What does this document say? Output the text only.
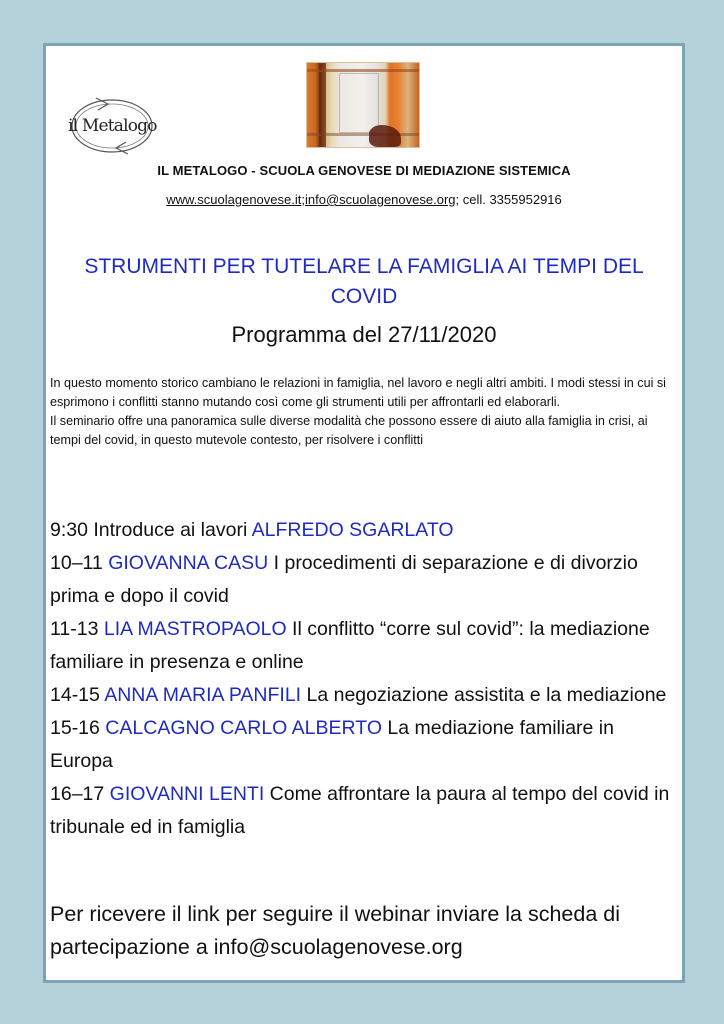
il Metalogo
IL METALOGO - SCUOLA GENOVESE DI MEDIAZIONE SISTEMICA
www.scuolagenovese.it;info@scuolagenovese.org; cell. 3355952916
STRUMENTI PER TUTELARE LA FAMIGLIA AI TEMPI DEL COVID
Programma del 27/11/2020

In questo momento storico cambiano le relazioni in famiglia, nel lavoro e negli altri ambiti. I modi stessi in cui si esprimono i conflitti stanno mutando così come gli strumenti utili per affrontarli ed elaborarli.

Il seminario offre una panoramica sulle diverse modalità che possono essere di aiuto alla famiglia in crisi, ai tempi del covid, in questo mutevole contesto, per risolvere i conflitti

9:30 Introduce ai lavori ALFREDO SGARLATO

10–11 GIOVANNA CASU I procedimenti di separazione e di divorzio prima e dopo il covid

11-13 LIA MASTROPAOLO Il conflitto “corre sul covid”: la mediazione familiare in presenza e online

14-15 ANNA MARIA PANFILI La negoziazione assistita e la mediazione

15-16 CALCAGNO CARLO ALBERTO La mediazione familiare in Europa

16–17 GIOVANNI LENTI Come affrontare la paura al tempo del covid in tribunale ed in famiglia

Per ricevere il link per seguire il webinar inviare la scheda di partecipazione a info@scuolagenovese.org
